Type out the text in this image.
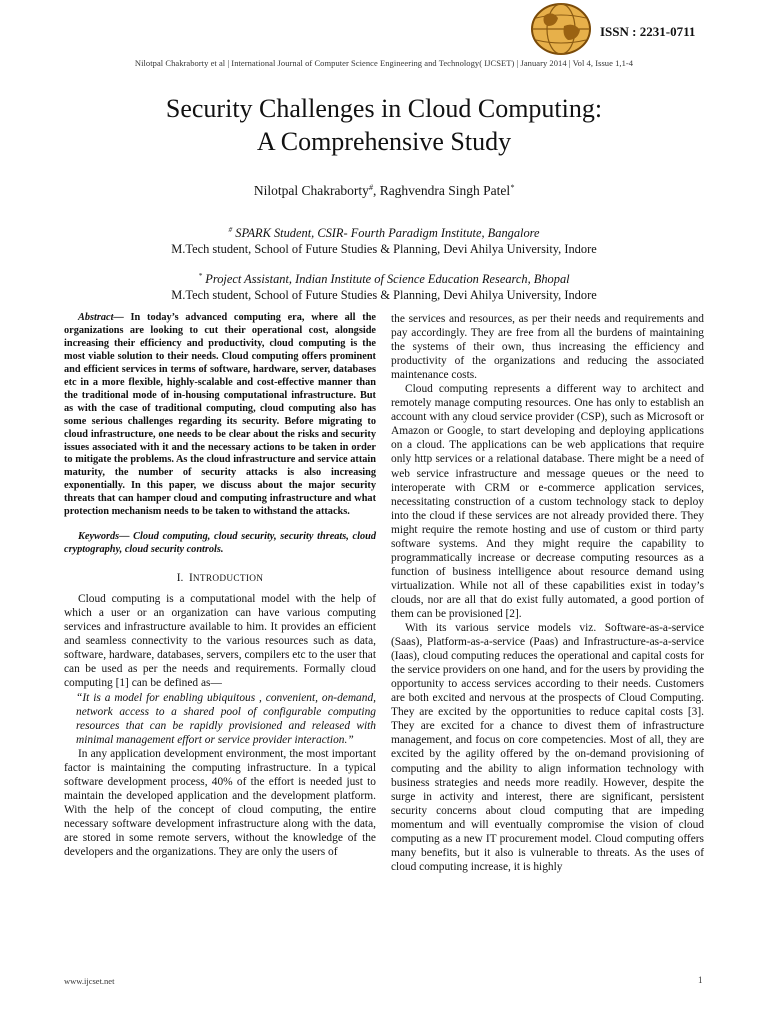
ISSN : 2231-0711
Nilotpal Chakraborty et al | International Journal of Computer Science Engineering and Technology( IJCSET) | January 2014 | Vol 4, Issue 1,1-4
Security Challenges in Cloud Computing:
A Comprehensive Study
Nilotpal Chakraborty#, Raghvendra Singh Patel*
# SPARK Student, CSIR- Fourth Paradigm Institute, Bangalore
M.Tech student, School of Future Studies & Planning, Devi Ahilya University, Indore
* Project Assistant, Indian Institute of Science Education Research, Bhopal
M.Tech student, School of Future Studies & Planning, Devi Ahilya University, Indore

Abstract— In today’s advanced computing era, where all the organizations are looking to cut their operational cost, alongside increasing their efficiency and productivity, cloud computing is the most viable solution to their needs. Cloud computing offers prominent and efficient services in terms of software, hardware, server, databases etc in a more flexible, highly-scalable and cost-effective manner than the traditional mode of in-housing computational infrastructure. But as with the case of traditional computing, cloud computing also has some serious challenges regarding its security. Before migrating to cloud infrastructure, one needs to be clear about the risks and security issues associated with it and the necessary actions to be taken in order to mitigate the problems. As the cloud infrastructure and service attain maturity, the number of security attacks is also increasing exponentially. In this paper, we discuss about the major security threats that can hamper cloud and computing infrastructure and what protection mechanism needs to be taken to withstand the attacks.

Keywords— Cloud computing, cloud security, security threats, cloud cryptography, cloud security controls.

I. INTRODUCTION

Cloud computing is a computational model with the help of which a user or an organization can have various computing services and infrastructure available to him. It provides an efficient and seamless connectivity to the various resources such as data, software, hardware, databases, servers, compilers etc to the user that can be used as per the needs and requirements. Formally cloud computing [1] can be defined as—

“It is a model for enabling ubiquitous , convenient, on-demand, network access to a shared pool of configurable computing resources that can be rapidly provisioned and released with minimal management effort or service provider interaction.”

In any application development environment, the most important factor is maintaining the computing infrastructure. In a typical software development process, 40% of the effort is needed just to maintain the developed application and the development platform. With the help of the concept of cloud computing, the entire necessary software development infrastructure along with the data, are stored in some remote servers, without the knowledge of the developers and the organizations. They are only the users of

the services and resources, as per their needs and requirements and pay accordingly. They are free from all the burdens of maintaining the systems of their own, thus increasing the efficiency and productivity of the organizations and reducing the associated maintenance costs.

Cloud computing represents a different way to architect and remotely manage computing resources. One has only to establish an account with any cloud service provider (CSP), such as Microsoft or Amazon or Google, to start developing and deploying applications on a cloud. The applications can be web applications that require only http services or a relational database. There might be a need of web service infrastructure and message queues or the need to interoperate with CRM or e-commerce application services, necessitating construction of a custom technology stack to deploy into the cloud if these services are not already provided there. They might require the remote hosting and use of custom or third party software systems. And they might require the capability to programmatically increase or decrease computing resources as a function of business intelligence about resource demand using virtualization. While not all of these capabilities exist in today’s clouds, nor are all that do exist fully automated, a good portion of them can be provisioned [2].

With its various service models viz. Software-as-a-service (Saas), Platform-as-a-service (Paas) and Infrastructure-as-a-service (Iaas), cloud computing reduces the operational and capital costs for the service providers on one hand, and for the users by providing the opportunity to access services according to their needs. Customers are both excited and nervous at the prospects of Cloud Computing. They are excited by the opportunities to reduce capital costs [3]. They are excited for a chance to divest them of infrastructure management, and focus on core competencies. Most of all, they are excited by the agility offered by the on-demand provisioning of computing and the ability to align information technology with business strategies and needs more readily. However, despite the surge in activity and interest, there are significant, persistent security concerns about cloud computing that are impeding momentum and will eventually compromise the vision of cloud computing as a new IT procurement model. Cloud computing offers many benefits, but it also is vulnerable to threats. As the uses of cloud computing increase, it is highly

www.ijcset.net	1
